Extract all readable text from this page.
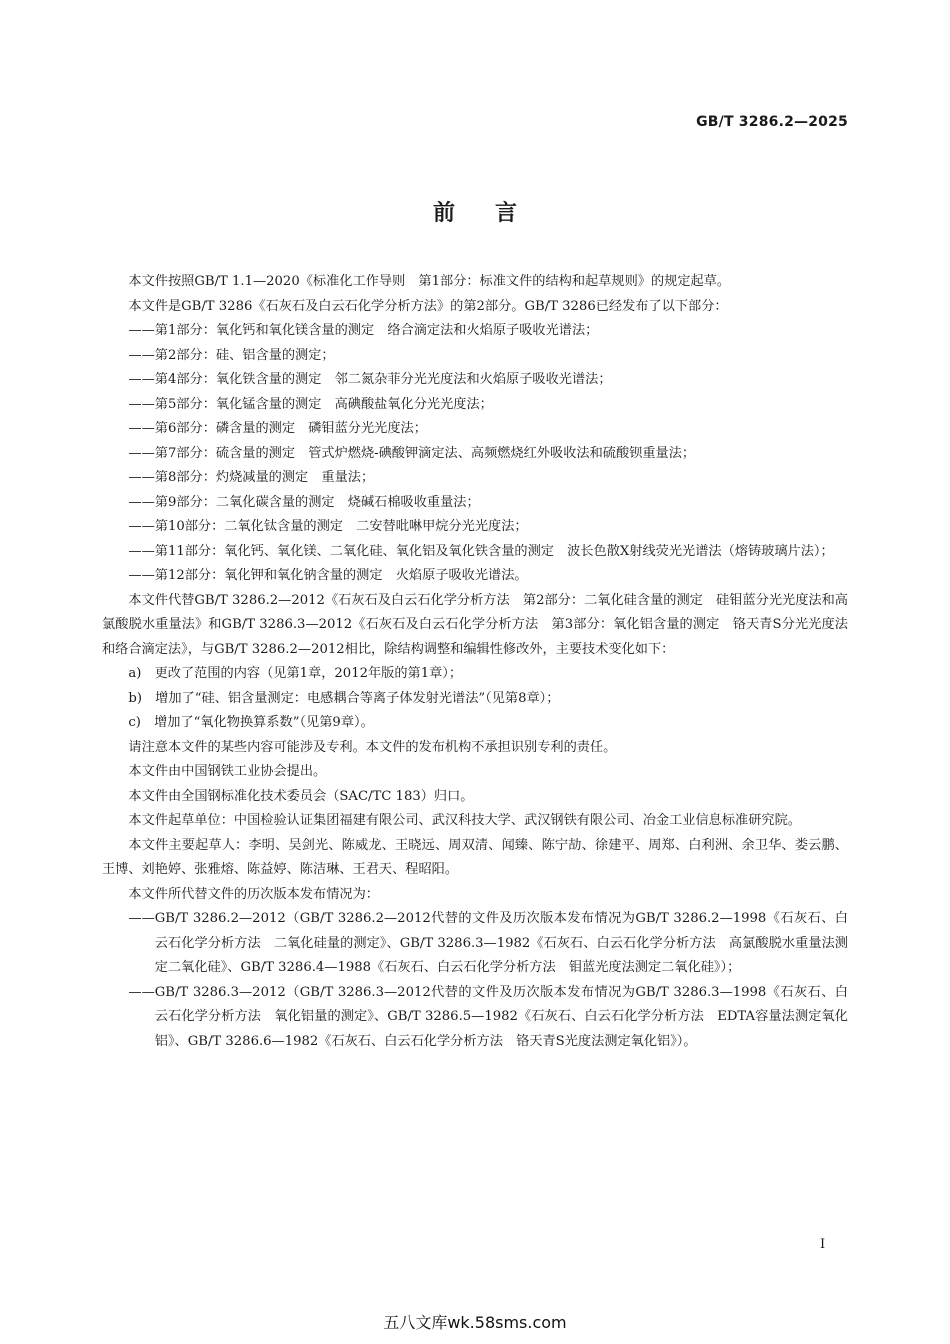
GB/T 3286.2—2025
前言

本文件按照GB/T 1.1—2020《标准化工作导则　第1部分：标准文件的结构和起草规则》的规定起草。

本文件是GB/T 3286《石灰石及白云石化学分析方法》的第2部分。GB/T 3286已经发布了以下部分：

——第1部分：氧化钙和氧化镁含量的测定　络合滴定法和火焰原子吸收光谱法；

——第2部分：硅、铝含量的测定；

——第4部分：氧化铁含量的测定　邻二氮杂菲分光光度法和火焰原子吸收光谱法；

——第5部分：氧化锰含量的测定　高碘酸盐氧化分光光度法；

——第6部分：磷含量的测定　磷钼蓝分光光度法；

——第7部分：硫含量的测定　管式炉燃烧-碘酸钾滴定法、高频燃烧红外吸收法和硫酸钡重量法；

——第8部分：灼烧减量的测定　重量法；

——第9部分：二氧化碳含量的测定　烧碱石棉吸收重量法；

——第10部分：二氧化钛含量的测定　二安替吡啉甲烷分光光度法；

——第11部分：氧化钙、氧化镁、二氧化硅、氧化铝及氧化铁含量的测定　波长色散X射线荧光光谱法（熔铸玻璃片法）；

——第12部分：氧化钾和氧化钠含量的测定　火焰原子吸收光谱法。

本文件代替GB/T 3286.2—2012《石灰石及白云石化学分析方法　第2部分：二氧化硅含量的测定　硅钼蓝分光光度法和高氯酸脱水重量法》和GB/T 3286.3—2012《石灰石及白云石化学分析方法　第3部分：氧化铝含量的测定　铬天青S分光光度法和络合滴定法》，与GB/T 3286.2—2012相比，除结构调整和编辑性修改外，主要技术变化如下：

a)　更改了范围的内容（见第1章，2012年版的第1章）；

b)　增加了“硅、铝含量测定：电感耦合等离子体发射光谱法”（见第8章）；

c)　增加了“氧化物换算系数”（见第9章）。

请注意本文件的某些内容可能涉及专利。本文件的发布机构不承担识别专利的责任。

本文件由中国钢铁工业协会提出。

本文件由全国钢标准化技术委员会（SAC/TC 183）归口。

本文件起草单位：中国检验认证集团福建有限公司、武汉科技大学、武汉钢铁有限公司、冶金工业信息标准研究院。

本文件主要起草人：李明、吴剑光、陈威龙、王晓远、周双清、闻臻、陈宁劼、徐建平、周郑、白利洲、余卫华、娄云鹏、王博、刘艳婷、张雅熔、陈益婷、陈洁琳、王君天、程昭阳。

本文件所代替文件的历次版本发布情况为：

——GB/T 3286.2—2012（GB/T 3286.2—2012代替的文件及历次版本发布情况为GB/T 3286.2—1998《石灰石、白云石化学分析方法　二氧化硅量的测定》、GB/T 3286.3—1982《石灰石、白云石化学分析方法　高氯酸脱水重量法测定二氧化硅》、GB/T 3286.4—1988《石灰石、白云石化学分析方法　钼蓝光度法测定二氧化硅》）；

——GB/T 3286.3—2012（GB/T 3286.3—2012代替的文件及历次版本发布情况为GB/T 3286.3—1998《石灰石、白云石化学分析方法　氧化铝量的测定》、GB/T 3286.5—1982《石灰石、白云石化学分析方法　EDTA容量法测定氧化铝》、GB/T 3286.6—1982《石灰石、白云石化学分析方法　铬天青S光度法测定氧化铝》）。

I
五八文库wk.58sms.com
